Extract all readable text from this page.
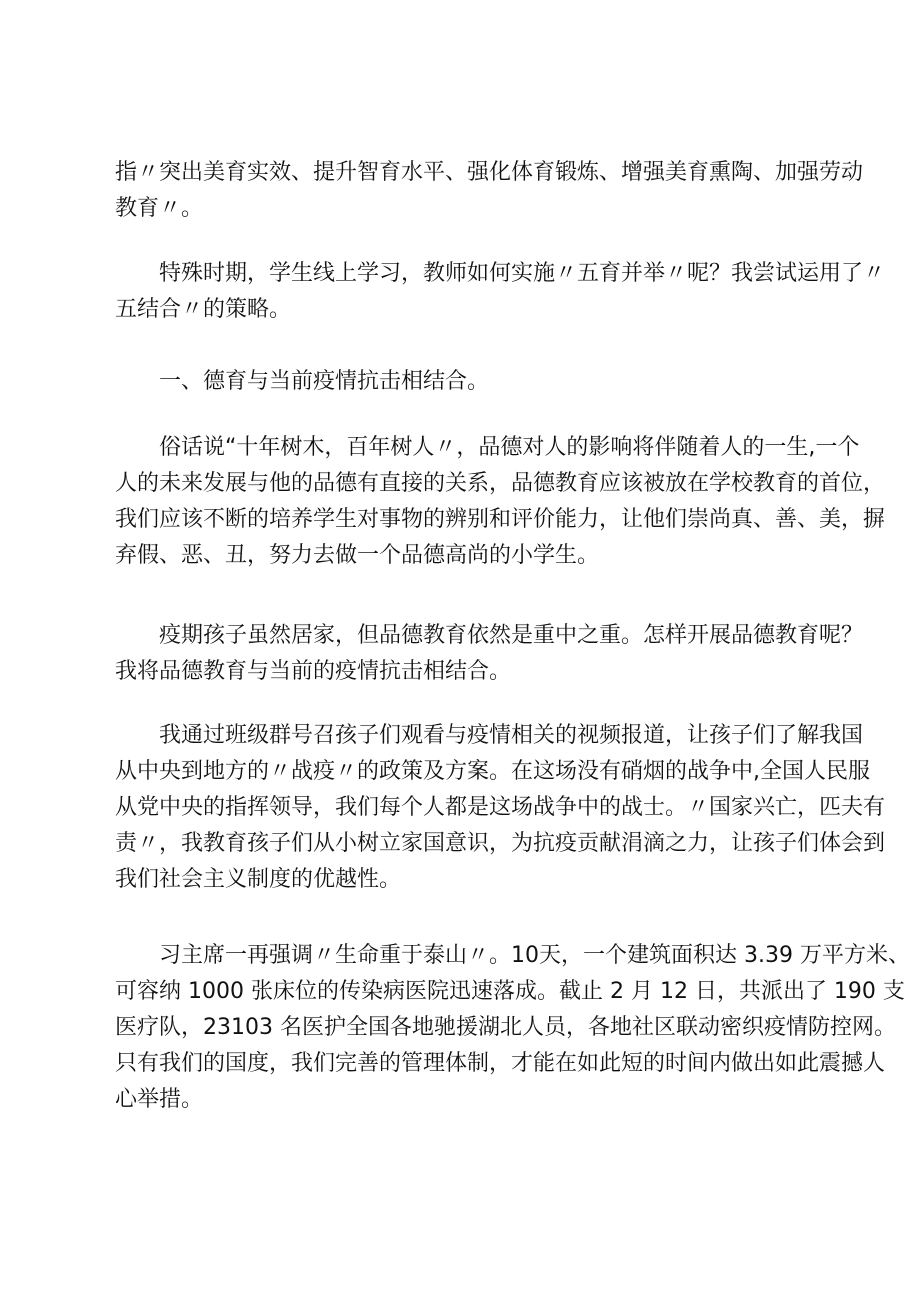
指〃突出美育实效、提升智育水平、强化体育锻炼、增强美育熏陶、加强劳动
教育〃。

特殊时期，学生线上学习，教师如何实施〃五育并举〃呢？我尝试运用了〃
五结合〃的策略。

一、德育与当前疫情抗击相结合。

俗话说“十年树木，百年树人〃，品德对人的影响将伴随着人的一生,一个
人的未来发展与他的品德有直接的关系，品德教育应该被放在学校教育的首位，
我们应该不断的培养学生对事物的辨别和评价能力，让他们崇尚真、善、美，摒
弃假、恶、丑，努力去做一个品德高尚的小学生。

疫期孩子虽然居家，但品德教育依然是重中之重。怎样开展品德教育呢？
我将品德教育与当前的疫情抗击相结合。

我通过班级群号召孩子们观看与疫情相关的视频报道，让孩子们了解我国
从中央到地方的〃战疫〃的政策及方案。在这场没有硝烟的战争中,全国人民服
从党中央的指挥领导，我们每个人都是这场战争中的战士。〃国家兴亡，匹夫有
责〃，我教育孩子们从小树立家国意识，为抗疫贡献涓滴之力，让孩子们体会到
我们社会主义制度的优越性。

习主席一再强调〃生命重于泰山〃。10天，一个建筑面积达 3.39 万平方米、
可容纳 1000 张床位的传染病医院迅速落成。截止 2 月 12 日，共派出了 190 支
医疗队，23103 名医护全国各地驰援湖北人员，各地社区联动密织疫情防控网。
只有我们的国度，我们完善的管理体制，才能在如此短的时间内做出如此震撼人
心举措。
